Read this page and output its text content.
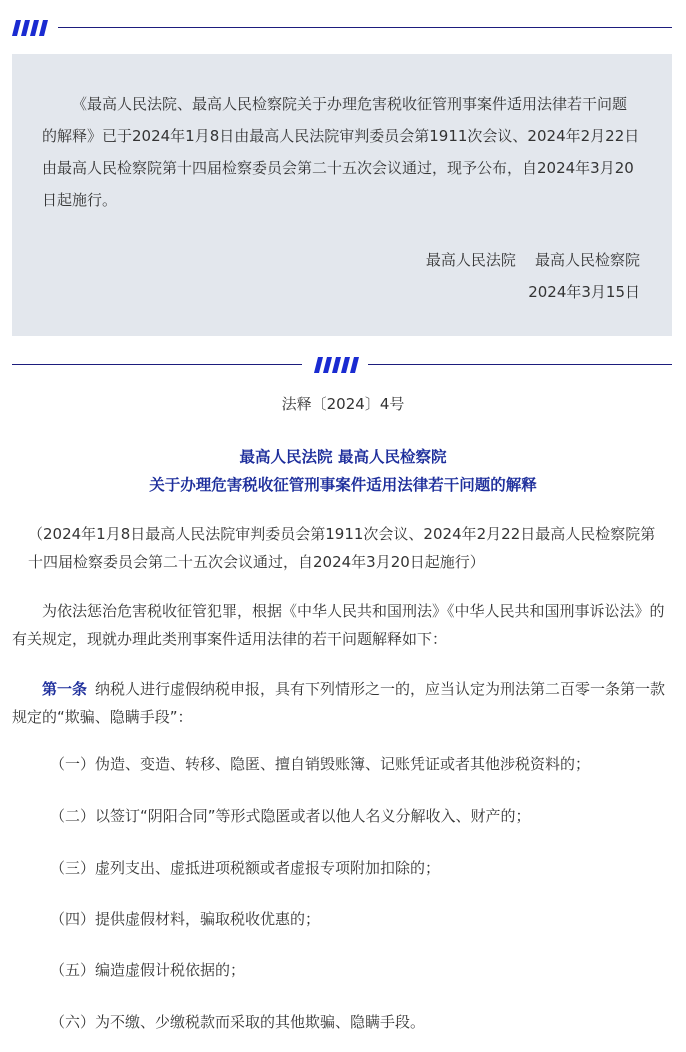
《最高人民法院、最高人民检察院关于办理危害税收征管刑事案件适用法律若干问题的解释》已于2024年1月8日由最高人民法院审判委员会第1911次会议、2024年2月22日由最高人民检察院第十四届检察委员会第二十五次会议通过，现予公布，自2024年3月20日起施行。

最高人民法院    最高人民检察院
2024年3月15日
法释〔2024〕4号
最高人民法院 最高人民检察院
关于办理危害税收征管刑事案件适用法律若干问题的解释

（2024年1月8日最高人民法院审判委员会第1911次会议、2024年2月22日最高人民检察院第十四届检察委员会第二十五次会议通过，自2024年3月20日起施行）

为依法惩治危害税收征管犯罪，根据《中华人民共和国刑法》《中华人民共和国刑事诉讼法》的有关规定，现就办理此类刑事案件适用法律的若干问题解释如下：

第一条 纳税人进行虚假纳税申报，具有下列情形之一的，应当认定为刑法第二百零一条第一款规定的“欺骗、隐瞒手段”：

（一）伪造、变造、转移、隐匿、擅自销毁账簿、记账凭证或者其他涉税资料的；
（二）以签订“阴阳合同”等形式隐匿或者以他人名义分解收入、财产的；
（三）虚列支出、虚抵进项税额或者虚报专项附加扣除的；
（四）提供虚假材料，骗取税收优惠的；
（五）编造虚假计税依据的；
（六）为不缴、少缴税款而采取的其他欺骗、隐瞒手段。
